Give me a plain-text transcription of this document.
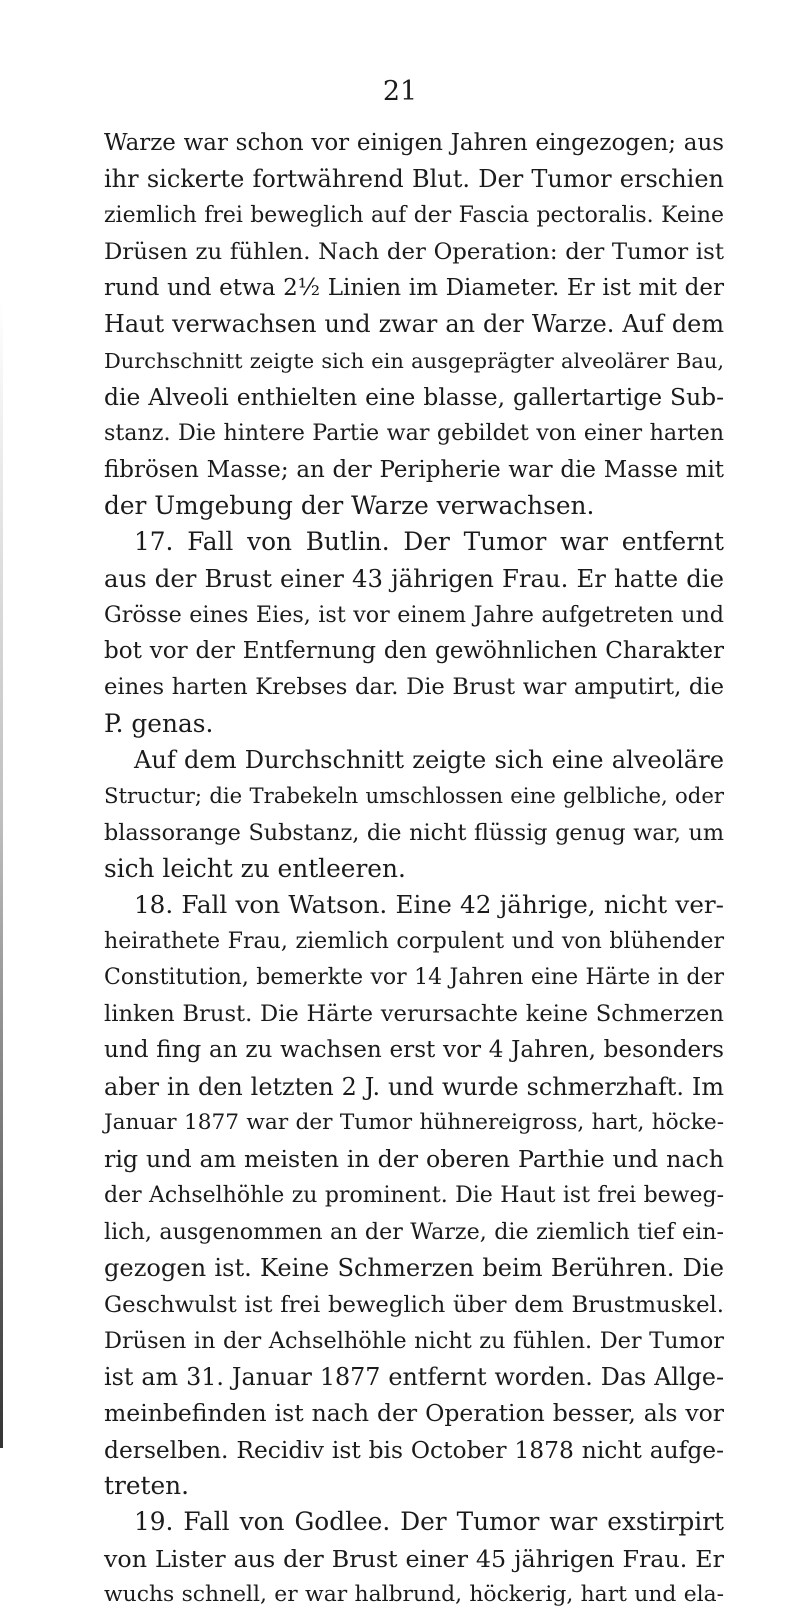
21
Warze war schon vor einigen Jahren eingezogen; aus
ihr sickerte fortwährend Blut. Der Tumor erschien
ziemlich frei beweglich auf der Fascia pectoralis. Keine
Drüsen zu fühlen. Nach der Operation: der Tumor ist
rund und etwa 2½ Linien im Diameter. Er ist mit der
Haut verwachsen und zwar an der Warze. Auf dem
Durchschnitt zeigte sich ein ausgeprägter alveolärer Bau,
die Alveoli enthielten eine blasse, gallertartige Sub-
stanz. Die hintere Partie war gebildet von einer harten
fibrösen Masse; an der Peripherie war die Masse mit
der Umgebung der Warze verwachsen.
17. Fall von Butlin. Der Tumor war entfernt
aus der Brust einer 43 jährigen Frau. Er hatte die
Grösse eines Eies, ist vor einem Jahre aufgetreten und
bot vor der Entfernung den gewöhnlichen Charakter
eines harten Krebses dar. Die Brust war amputirt, die
P. genas.
Auf dem Durchschnitt zeigte sich eine alveoläre
Structur; die Trabekeln umschlossen eine gelbliche, oder
blassorange Substanz, die nicht flüssig genug war, um
sich leicht zu entleeren.
18. Fall von Watson. Eine 42 jährige, nicht ver-
heirathete Frau, ziemlich corpulent und von blühender
Constitution, bemerkte vor 14 Jahren eine Härte in der
linken Brust. Die Härte verursachte keine Schmerzen
und fing an zu wachsen erst vor 4 Jahren, besonders
aber in den letzten 2 J. und wurde schmerzhaft. Im
Januar 1877 war der Tumor hühnereigross, hart, höcke-
rig und am meisten in der oberen Parthie und nach
der Achselhöhle zu prominent. Die Haut ist frei beweg-
lich, ausgenommen an der Warze, die ziemlich tief ein-
gezogen ist. Keine Schmerzen beim Berühren. Die
Geschwulst ist frei beweglich über dem Brustmuskel.
Drüsen in der Achselhöhle nicht zu fühlen. Der Tumor
ist am 31. Januar 1877 entfernt worden. Das Allge-
meinbefinden ist nach der Operation besser, als vor
derselben. Recidiv ist bis October 1878 nicht aufge-
treten.
19. Fall von Godlee. Der Tumor war exstirpirt
von Lister aus der Brust einer 45 jährigen Frau. Er
wuchs schnell, er war halbrund, höckerig, hart und ela-
